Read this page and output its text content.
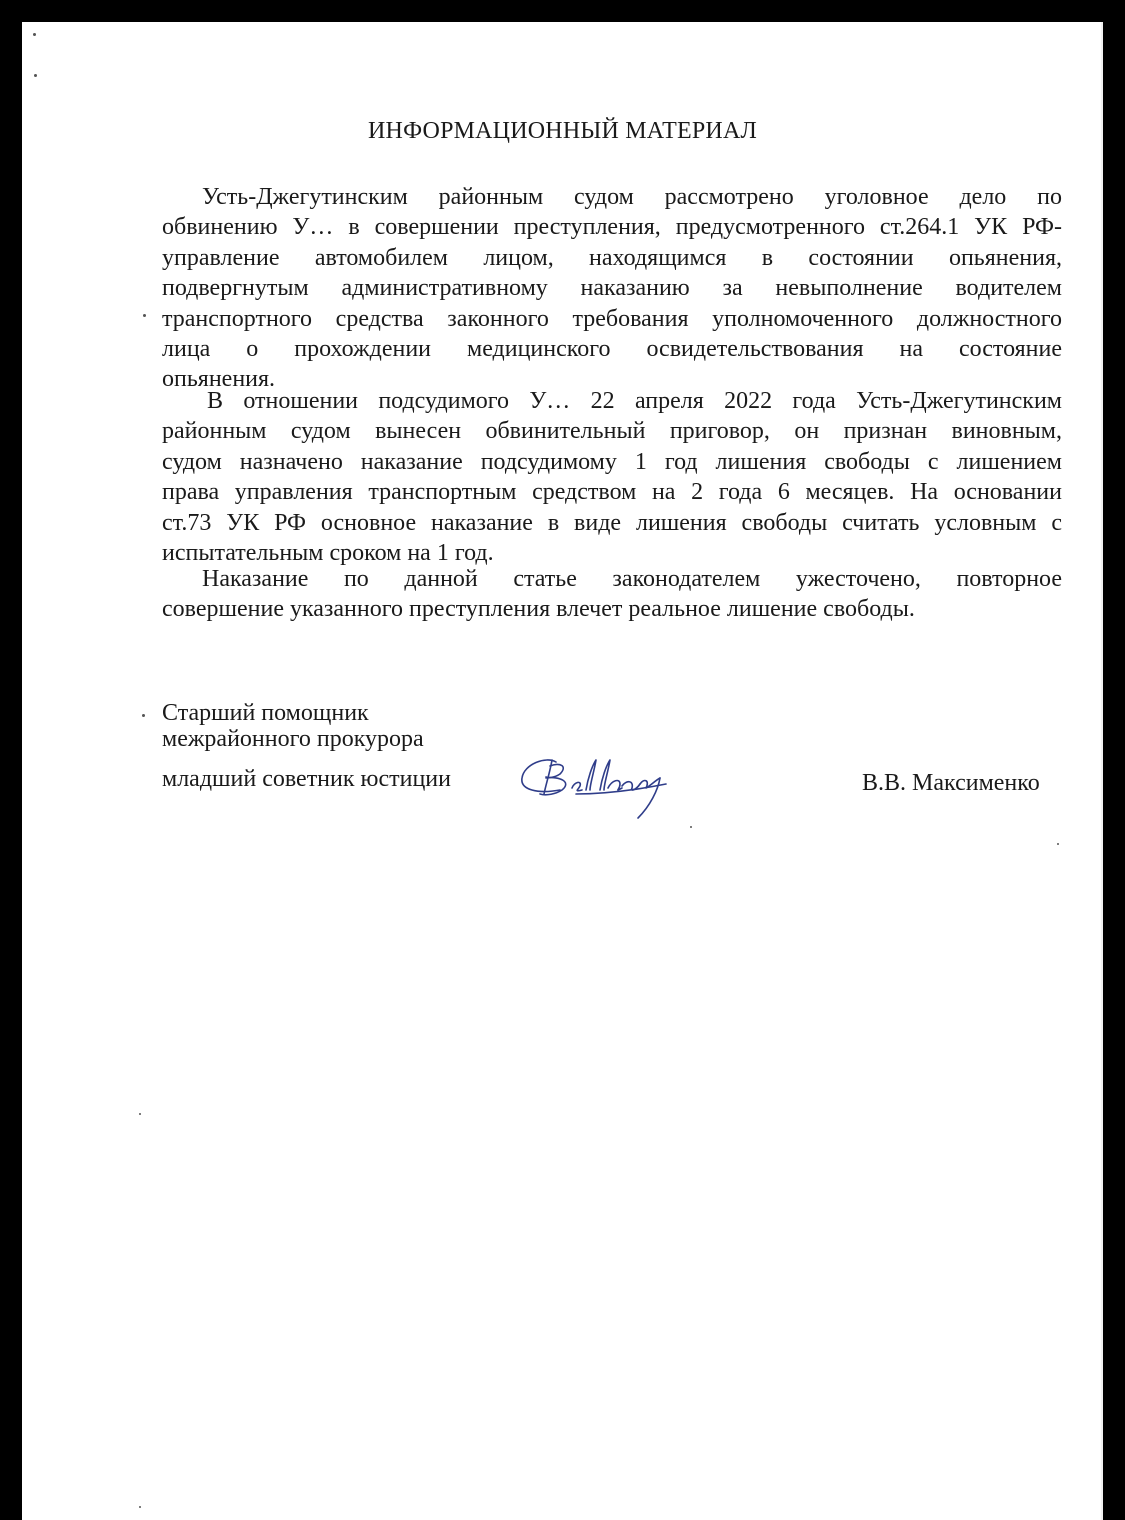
ИНФОРМАЦИОННЫЙ МАТЕРИАЛ
Усть-Джегутинским районным судом рассмотрено уголовное дело по
обвинению У… в совершении преступления, предусмотренного ст.264.1 УК РФ-
управление автомобилем лицом, находящимся в состоянии опьянения,
подвергнутым административному наказанию за невыполнение водителем
транспортного средства законного требования уполномоченного должностного
лица о прохождении медицинского освидетельствования на состояние
опьянения.
В отношении подсудимого У… 22 апреля 2022 года Усть-Джегутинским
районным судом вынесен обвинительный приговор, он признан виновным,
судом назначено наказание подсудимому 1 год лишения свободы с лишением
права управления транспортным средством на 2 года 6 месяцев. На основании
ст.73 УК РФ основное наказание в виде лишения свободы считать условным с
испытательным сроком на 1 год.
Наказание по данной статье законодателем ужесточено, повторное
совершение указанного преступления влечет реальное лишение свободы.
Старший помощник
межрайонного прокурора
младший советник юстиции	В.В. Максименко
